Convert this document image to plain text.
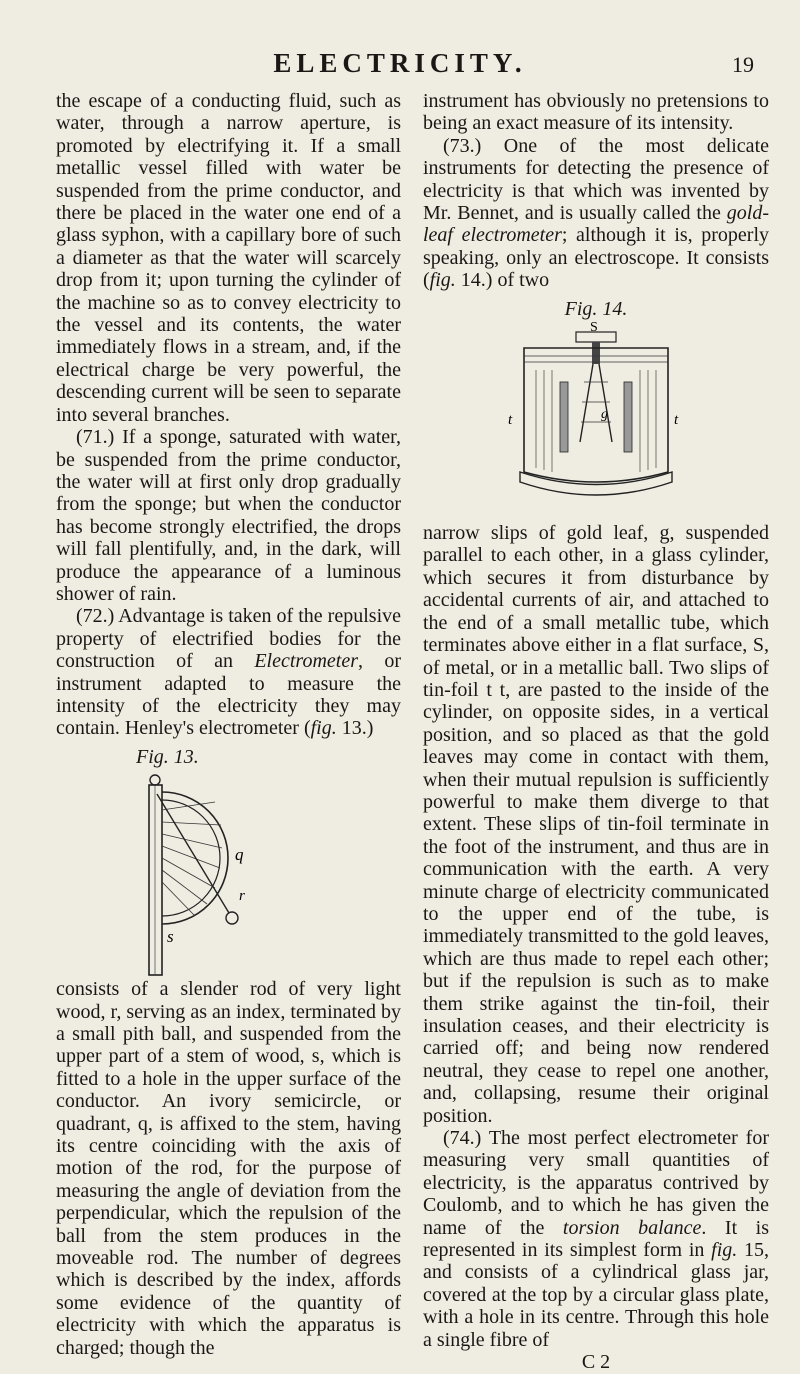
ELECTRICITY.	19

the escape of a conducting fluid, such as water, through a narrow aperture, is promoted by electrifying it. If a small metallic vessel filled with water be suspended from the prime conductor, and there be placed in the water one end of a glass syphon, with a capillary bore of such a diameter as that the water will scarcely drop from it; upon turning the cylinder of the machine so as to convey electricity to the vessel and its contents, the water immediately flows in a stream, and, if the electrical charge be very powerful, the descending current will be seen to separate into several branches.

(71.) If a sponge, saturated with water, be suspended from the prime conductor, the water will at first only drop gradually from the sponge; but when the conductor has become strongly electrified, the drops will fall plentifully, and, in the dark, will produce the appearance of a luminous shower of rain.

(72.) Advantage is taken of the repulsive property of electrified bodies for the construction of an Electrometer, or instrument adapted to measure the intensity of the electricity they may contain. Henley's electrometer (fig. 13.)

Fig. 13.
q
r
s

consists of a slender rod of very light wood, r, serving as an index, terminated by a small pith ball, and suspended from the upper part of a stem of wood, s, which is fitted to a hole in the upper surface of the conductor. An ivory semicircle, or quadrant, q, is affixed to the stem, having its centre coinciding with the axis of motion of the rod, for the purpose of measuring the angle of deviation from the perpendicular, which the repulsion of the ball from the stem produces in the moveable rod. The number of degrees which is described by the index, affords some evidence of the quantity of electricity with which the apparatus is charged; though the

instrument has obviously no pretensions to being an exact measure of its intensity.

(73.) One of the most delicate instruments for detecting the presence of electricity is that which was invented by Mr. Bennet, and is usually called the gold-leaf electrometer; although it is, properly speaking, only an electroscope. It consists (fig. 14.) of two

Fig. 14.
S
t	t
g

narrow slips of gold leaf, g, suspended parallel to each other, in a glass cylinder, which secures it from disturbance by accidental currents of air, and attached to the end of a small metallic tube, which terminates above either in a flat surface, S, of metal, or in a metallic ball. Two slips of tin-foil t t, are pasted to the inside of the cylinder, on opposite sides, in a vertical position, and so placed as that the gold leaves may come in contact with them, when their mutual repulsion is sufficiently powerful to make them diverge to that extent. These slips of tin-foil terminate in the foot of the instrument, and thus are in communication with the earth. A very minute charge of electricity communicated to the upper end of the tube, is immediately transmitted to the gold leaves, which are thus made to repel each other; but if the repulsion is such as to make them strike against the tin-foil, their insulation ceases, and their electricity is carried off; and being now rendered neutral, they cease to repel one another, and, collapsing, resume their original position.

(74.) The most perfect electrometer for measuring very small quantities of electricity, is the apparatus contrived by Coulomb, and to which he has given the name of the torsion balance. It is represented in its simplest form in fig. 15, and consists of a cylindrical glass jar, covered at the top by a circular glass plate, with a hole in its centre. Through this hole a single fibre of

C 2
